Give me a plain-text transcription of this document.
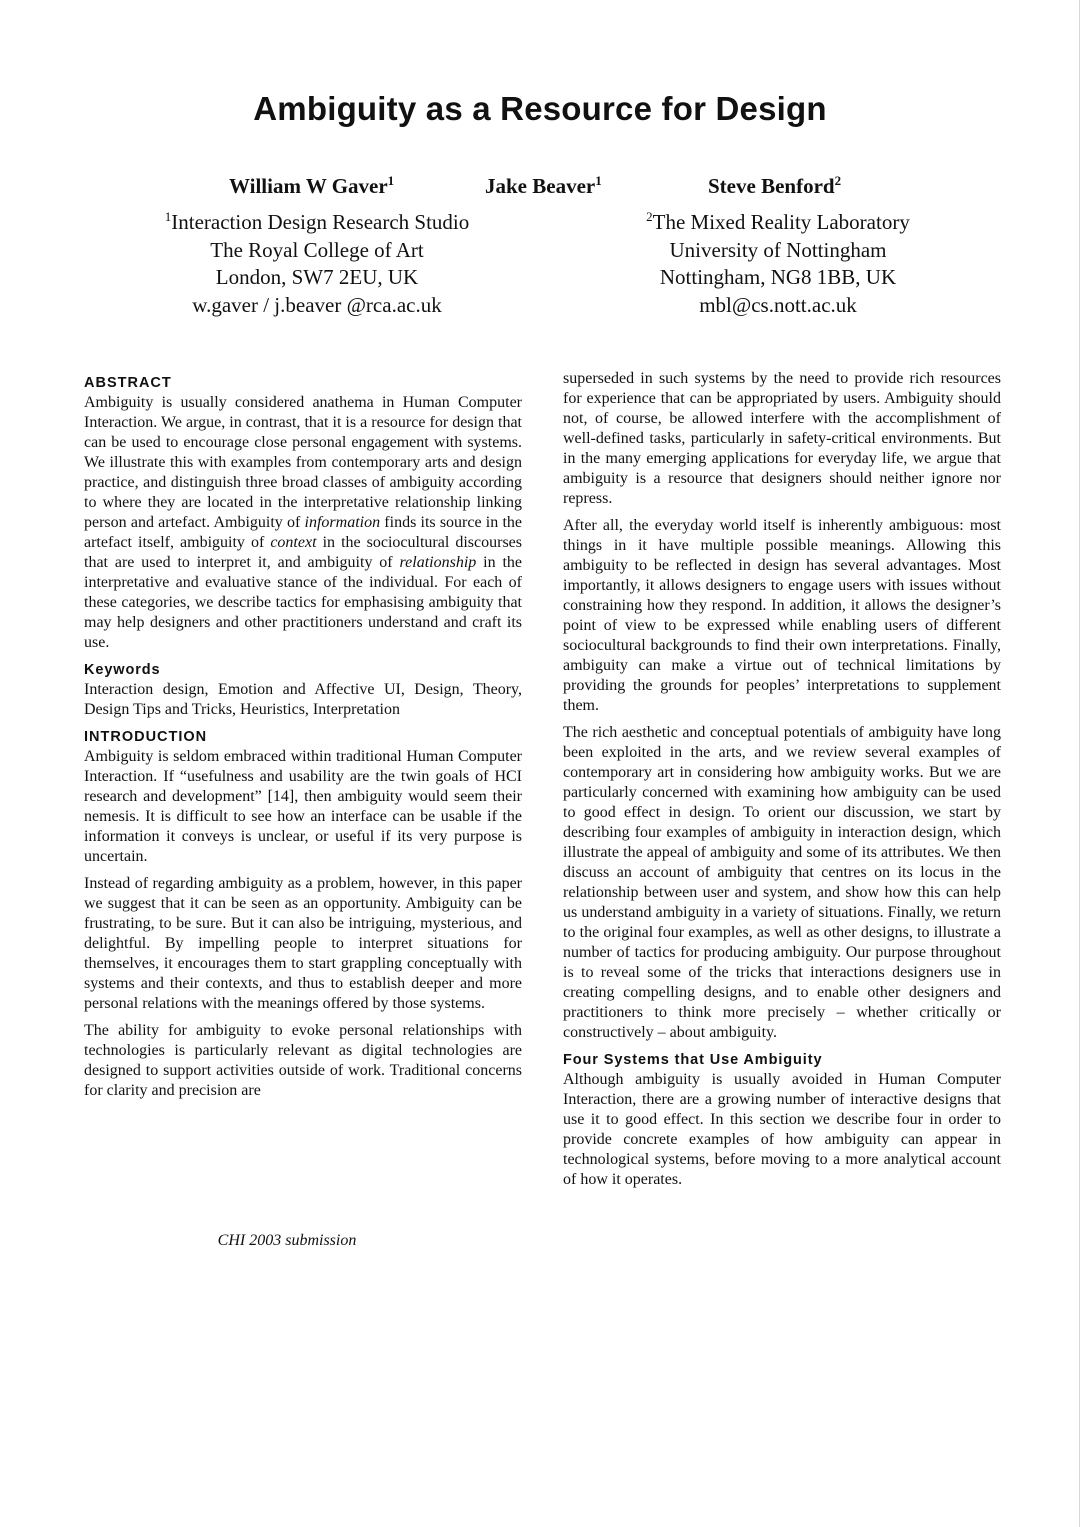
Ambiguity as a Resource for Design
William W Gaver$^1$	Jake Beaver$^1$	Steve Benford$^2$
$^1$Interaction Design Research Studio
The Royal College of Art
London, SW7 2EU, UK
w.gaver / j.beaver @rca.ac.uk
$^2$The Mixed Reality Laboratory
University of Nottingham
Nottingham, NG8 1BB, UK
mbl@cs.nott.ac.uk
ABSTRACT

Ambiguity is usually considered anathema in Human Computer Interaction. We argue, in contrast, that it is a resource for design that can be used to encourage close personal engagement with systems. We illustrate this with examples from contemporary arts and design practice, and distinguish three broad classes of ambiguity according to where they are located in the interpretative relationship linking person and artefact. Ambiguity of information finds its source in the artefact itself, ambiguity of context in the sociocultural discourses that are used to interpret it, and ambiguity of relationship in the interpretative and evaluative stance of the individual. For each of these categories, we describe tactics for emphasising ambiguity that may help designers and other practitioners understand and craft its use.

Keywords

Interaction design, Emotion and Affective UI, Design, Theory, Design Tips and Tricks, Heuristics, Interpretation

INTRODUCTION

Ambiguity is seldom embraced within traditional Human Computer Interaction. If “usefulness and usability are the twin goals of HCI research and development” [14], then ambiguity would seem their nemesis. It is difficult to see how an interface can be usable if the information it conveys is unclear, or useful if its very purpose is uncertain.

Instead of regarding ambiguity as a problem, however, in this paper we suggest that it can be seen as an opportunity. Ambiguity can be frustrating, to be sure. But it can also be intriguing, mysterious, and delightful. By impelling people to interpret situations for themselves, it encourages them to start grappling conceptually with systems and their contexts, and thus to establish deeper and more personal relations with the meanings offered by those systems.

The ability for ambiguity to evoke personal relationships with technologies is particularly relevant as digital technologies are designed to support activities outside of work. Traditional concerns for clarity and precision are

CHI 2003 submission

superseded in such systems by the need to provide rich resources for experience that can be appropriated by users. Ambiguity should not, of course, be allowed interfere with the accomplishment of well-defined tasks, particularly in safety-critical environments. But in the many emerging applications for everyday life, we argue that ambiguity is a resource that designers should neither ignore nor repress.

After all, the everyday world itself is inherently ambiguous: most things in it have multiple possible meanings. Allowing this ambiguity to be reflected in design has several advantages. Most importantly, it allows designers to engage users with issues without constraining how they respond. In addition, it allows the designer’s point of view to be expressed while enabling users of different sociocultural backgrounds to find their own interpretations. Finally, ambiguity can make a virtue out of technical limitations by providing the grounds for peoples’ interpretations to supplement them.

The rich aesthetic and conceptual potentials of ambiguity have long been exploited in the arts, and we review several examples of contemporary art in considering how ambiguity works. But we are particularly concerned with examining how ambiguity can be used to good effect in design. To orient our discussion, we start by describing four examples of ambiguity in interaction design, which illustrate the appeal of ambiguity and some of its attributes. We then discuss an account of ambiguity that centres on its locus in the relationship between user and system, and show how this can help us understand ambiguity in a variety of situations. Finally, we return to the original four examples, as well as other designs, to illustrate a number of tactics for producing ambiguity. Our purpose throughout is to reveal some of the tricks that interactions designers use in creating compelling designs, and to enable other designers and practitioners to think more precisely – whether critically or constructively – about ambiguity.

Four Systems that Use Ambiguity

Although ambiguity is usually avoided in Human Computer Interaction, there are a growing number of interactive designs that use it to good effect. In this section we describe four in order to provide concrete examples of how ambiguity can appear in technological systems, before moving to a more analytical account of how it operates.
